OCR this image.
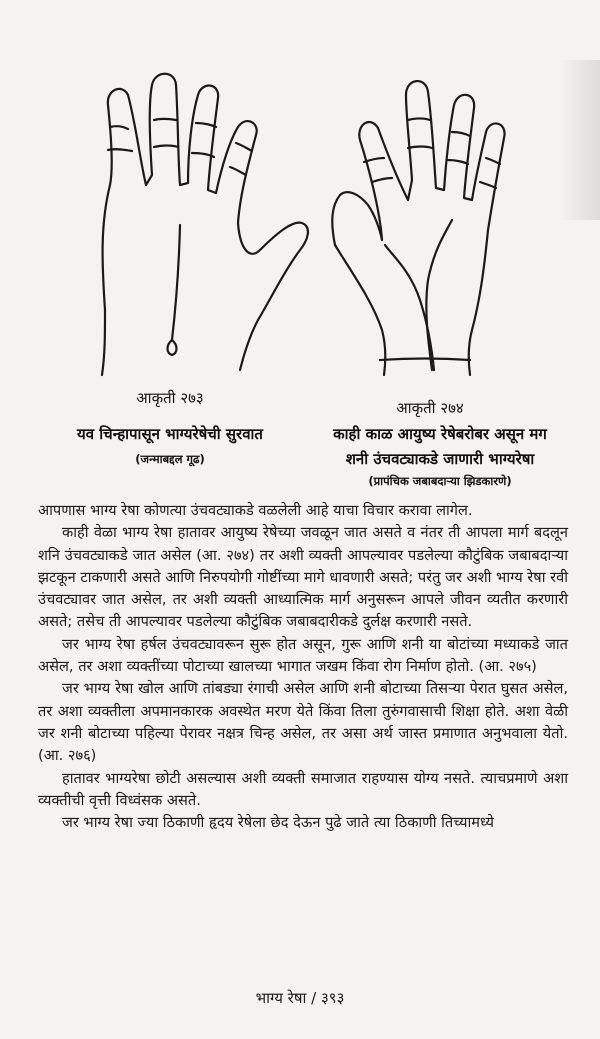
आकृती २७३
यव चिन्हापासून भाग्यरेषेची सुरवात
(जन्माबद्दल गूढ)
आकृती २७४
काही काळ आयुष्य रेषेबरोबर असून मग
शनी उंचवट्याकडे जाणारी भाग्यरेषा
(प्रापंचिक जबाबदाऱ्या झिडकारणे)

आपणास भाग्य रेषा कोणत्या उंचवट्याकडे वळलेली आहे याचा विचार करावा लागेल.

काही वेळा भाग्य रेषा हातावर आयुष्य रेषेच्या जवळून जात असते व नंतर ती आपला मार्ग बदलून शनि उंचवट्याकडे जात असेल (आ. २७४) तर अशी व्यक्ती आपल्यावर पडलेल्या कौटुंबिक जबाबदाऱ्या झटकून टाकणारी असते आणि निरुपयोगी गोष्टींच्या मागे धावणारी असते; परंतु जर अशी भाग्य रेषा रवी उंचवट्यावर जात असेल, तर अशी व्यक्ती आध्यात्मिक मार्ग अनुसरून आपले जीवन व्यतीत करणारी असते; तसेच ती आपल्यावर पडलेल्या कौटुंबिक जबाबदारीकडे दुर्लक्ष करणारी नसते.

जर भाग्य रेषा हर्षल उंचवट्यावरून सुरू होत असून, गुरू आणि शनी या बोटांच्या मध्याकडे जात असेल, तर अशा व्यक्तींच्या पोटाच्या खालच्या भागात जखम किंवा रोग निर्माण होतो. (आ. २७५)

जर भाग्य रेषा खोल आणि तांबड्या रंगाची असेल आणि शनी बोटाच्या तिसऱ्या पेरात घुसत असेल, तर अशा व्यक्तीला अपमानकारक अवस्थेत मरण येते किंवा तिला तुरुंगवासाची शिक्षा होते. अशा वेळी जर शनी बोटाच्या पहिल्या पेरावर नक्षत्र चिन्ह असेल, तर असा अर्थ जास्त प्रमाणात अनुभवाला येतो. (आ. २७६)

हातावर भाग्यरेषा छोटी असल्यास अशी व्यक्ती समाजात राहण्यास योग्य नसते. त्याचप्रमाणे अशा व्यक्तीची वृत्ती विध्वंसक असते.

जर भाग्य रेषा ज्या ठिकाणी हृदय रेषेला छेद देऊन पुढे जाते त्या ठिकाणी तिच्यामध्ये

भाग्य रेषा / ३९३
